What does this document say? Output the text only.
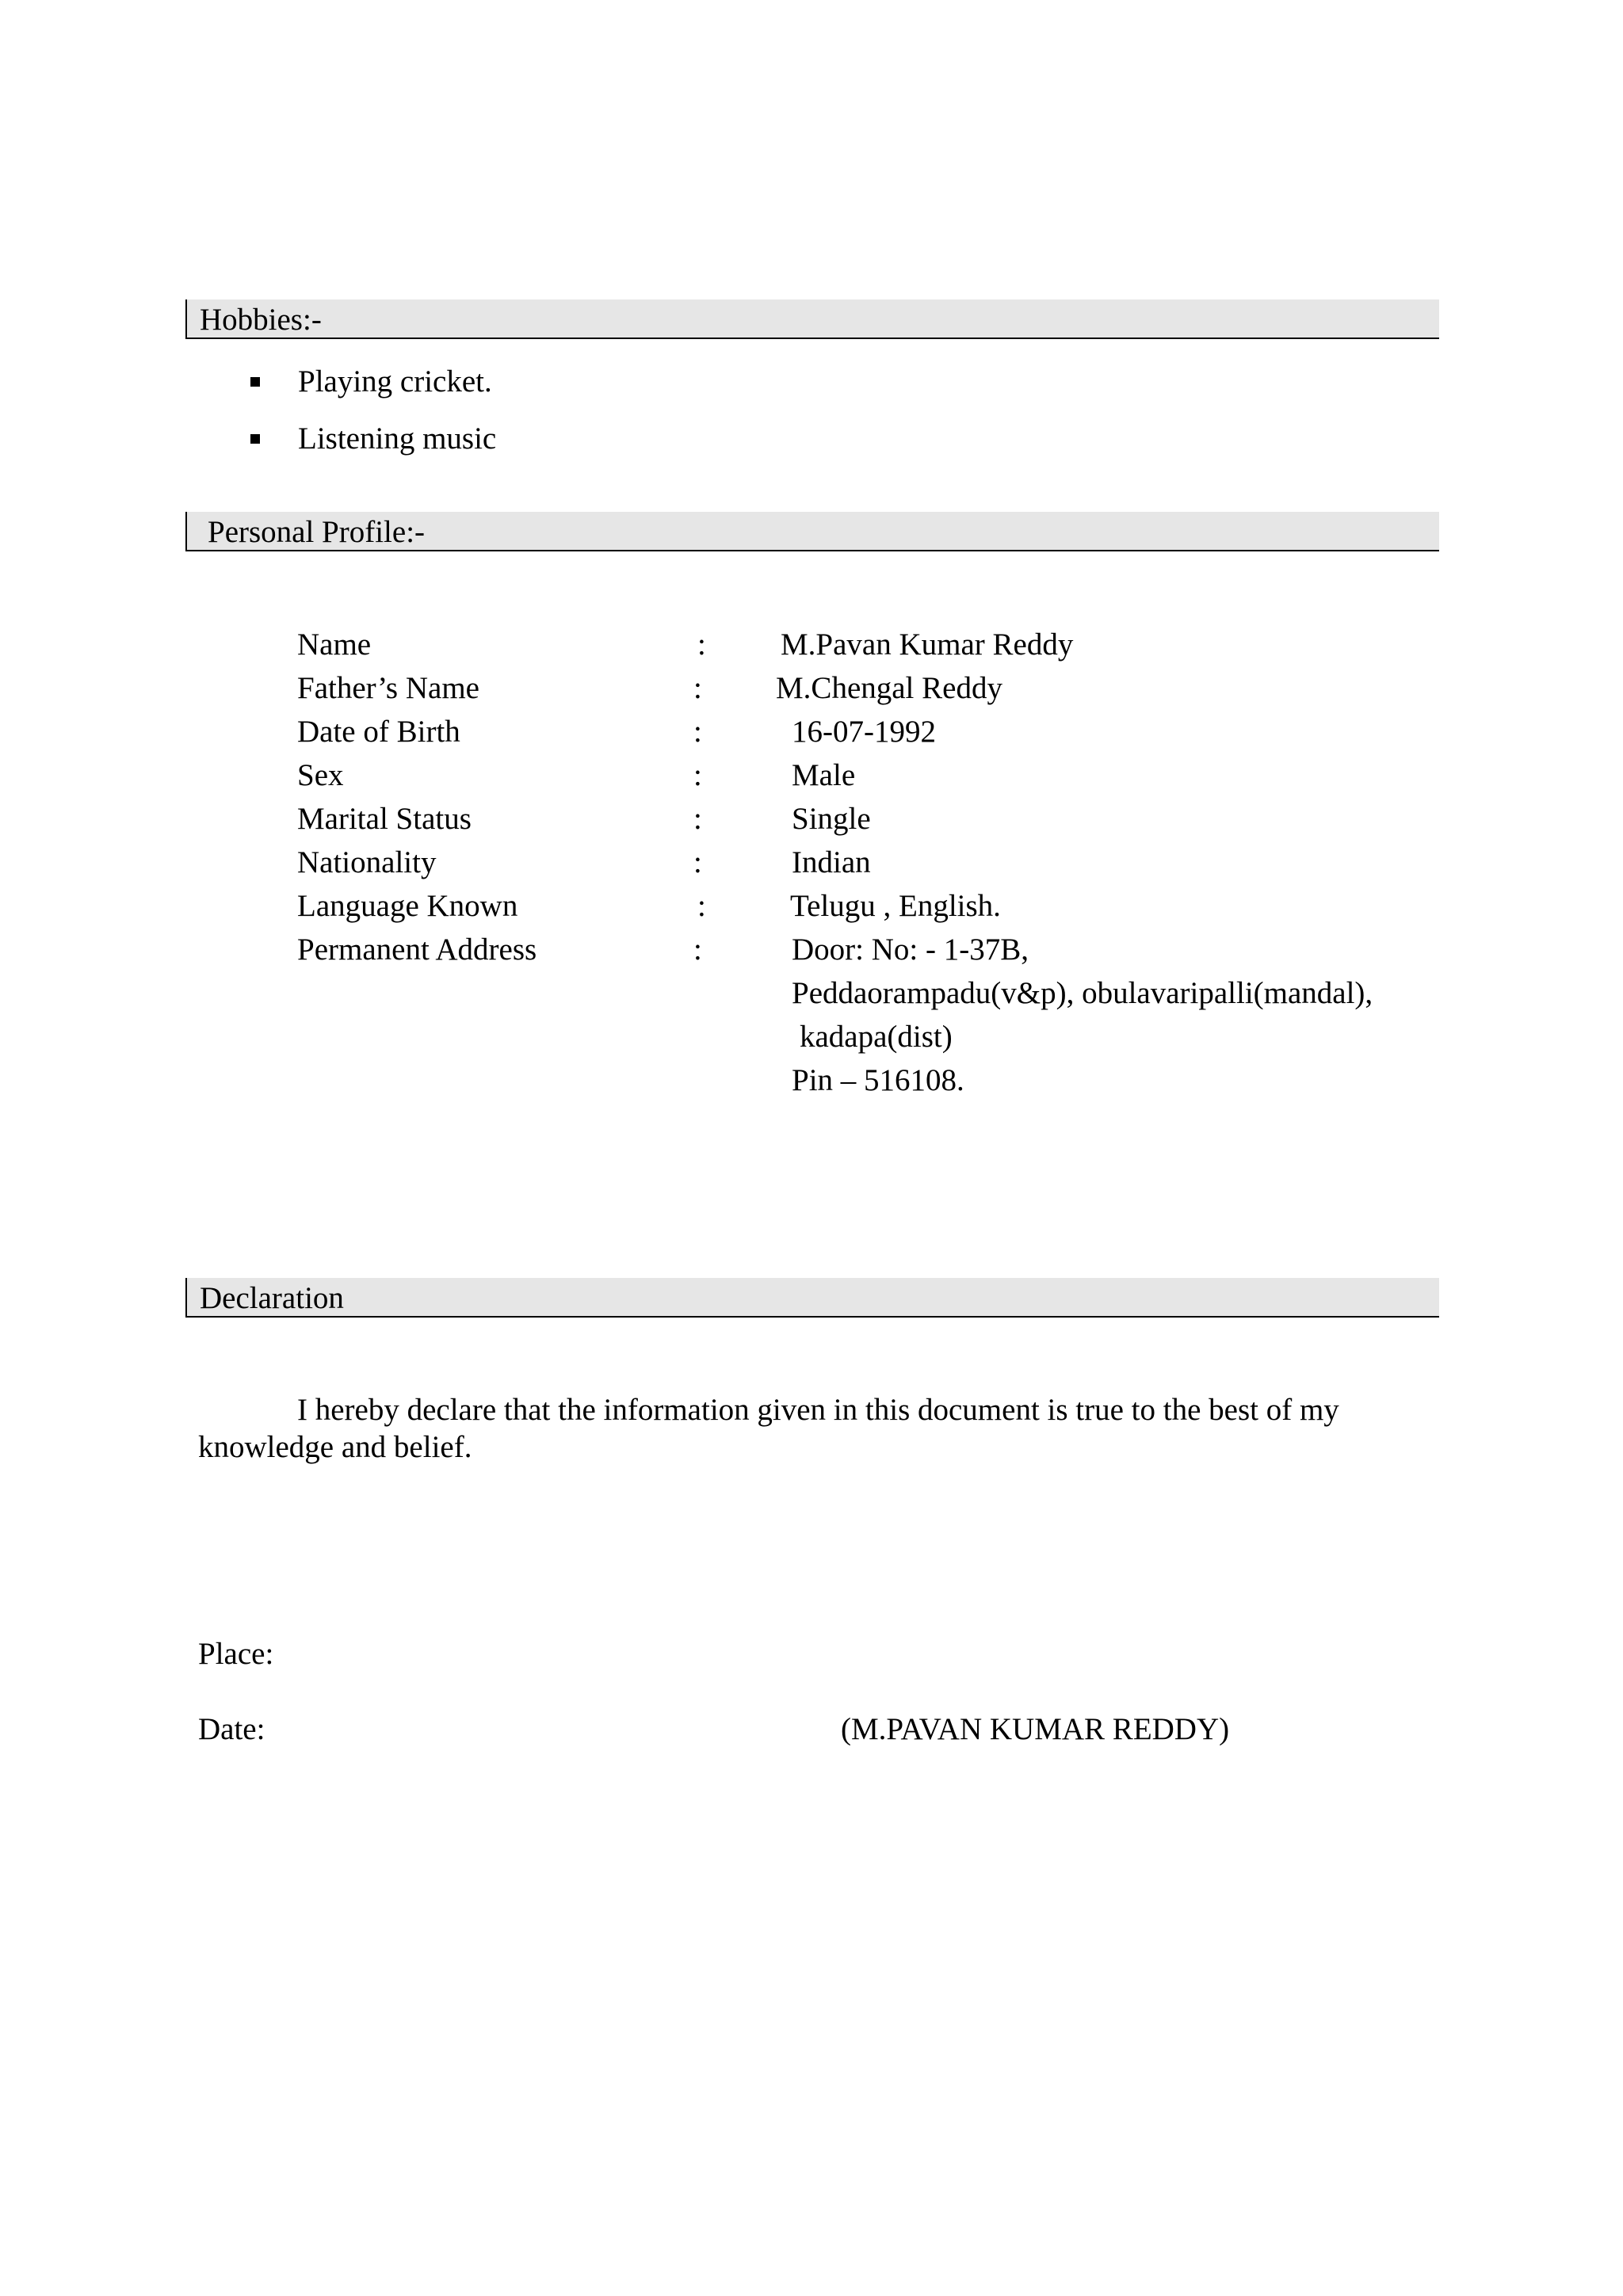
Hobbies:-
Playing cricket.
Listening music
Personal Profile:-
Name	: M.Pavan Kumar Reddy
Father’s Name	: M.Chengal Reddy
Date of Birth	:	16-07-1992
Sex	:	Male
Marital Status	:	Single
Nationality	:	Indian
Language Known	:	Telugu , English.
Permanent Address	:	Door: No: - 1-37B,
Peddaorampadu(v&p), obulavaripalli(mandal),
kadapa(dist)
Pin – 516108.
Declaration
I hereby declare that the information given in this document is true to the best of my
knowledge and belief.
Place:
Date:	(M.PAVAN KUMAR REDDY)
